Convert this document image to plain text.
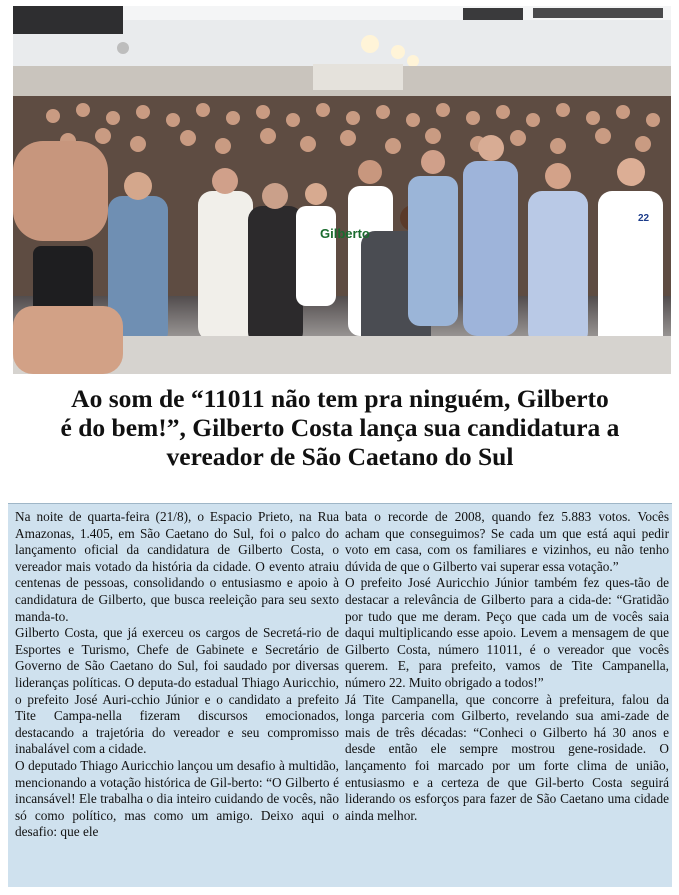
Gilberto
22
Ao som de “11011 não tem pra ninguém, Gilberto
é do bem!”, Gilberto Costa lança sua candidatura a
vereador de São Caetano do Sul

Na noite de quarta-feira (21/8), o Espacio Prieto, na Rua Amazonas, 1.405, em São Caetano do Sul, foi o palco do lançamento oficial da candidatura de Gilberto Costa, o vereador mais votado da história da cidade. O evento atraiu centenas de pessoas, consolidando o entusiasmo e apoio à candidatura de Gilberto, que busca reeleição para seu sexto manda-to.

Gilberto Costa, que já exerceu os cargos de Secretá-rio de Esportes e Turismo, Chefe de Gabinete e Secretário de Governo de São Caetano do Sul, foi saudado por diversas lideranças políticas. O deputa-do estadual Thiago Auricchio, o prefeito José Auri-cchio Júnior e o candidato a prefeito Tite Campa-nella fizeram discursos emocionados, destacando a trajetória do vereador e seu compromisso inabalável com a cidade.

O deputado Thiago Auricchio lançou um desafio à multidão, mencionando a votação histórica de Gil-berto: “O Gilberto é incansável! Ele trabalha o dia inteiro cuidando de vocês, não só como político, mas como um amigo. Deixo aqui o desafio: que ele

bata o recorde de 2008, quando fez 5.883 votos. Vocês acham que conseguimos? Se cada um que está aqui pedir voto em casa, com os familiares e vizinhos, eu não tenho dúvida de que o Gilberto vai superar essa votação.”

O prefeito José Auricchio Júnior também fez ques-tão de destacar a relevância de Gilberto para a cida-de: “Gratidão por tudo que me deram. Peço que cada um de vocês saia daqui multiplicando esse apoio. Levem a mensagem de que Gilberto Costa, número 11011, é o vereador que vocês querem. E, para prefeito, vamos de Tite Campanella, número 22. Muito obrigado a todos!”

Já Tite Campanella, que concorre à prefeitura, falou da longa parceria com Gilberto, revelando sua ami-zade de mais de três décadas: “Conheci o Gilberto há 30 anos e desde então ele sempre mostrou gene-rosidade. O lançamento foi marcado por um forte clima de união, entusiasmo e a certeza de que Gil-berto Costa seguirá liderando os esforços para fazer de São Caetano uma cidade ainda melhor.
